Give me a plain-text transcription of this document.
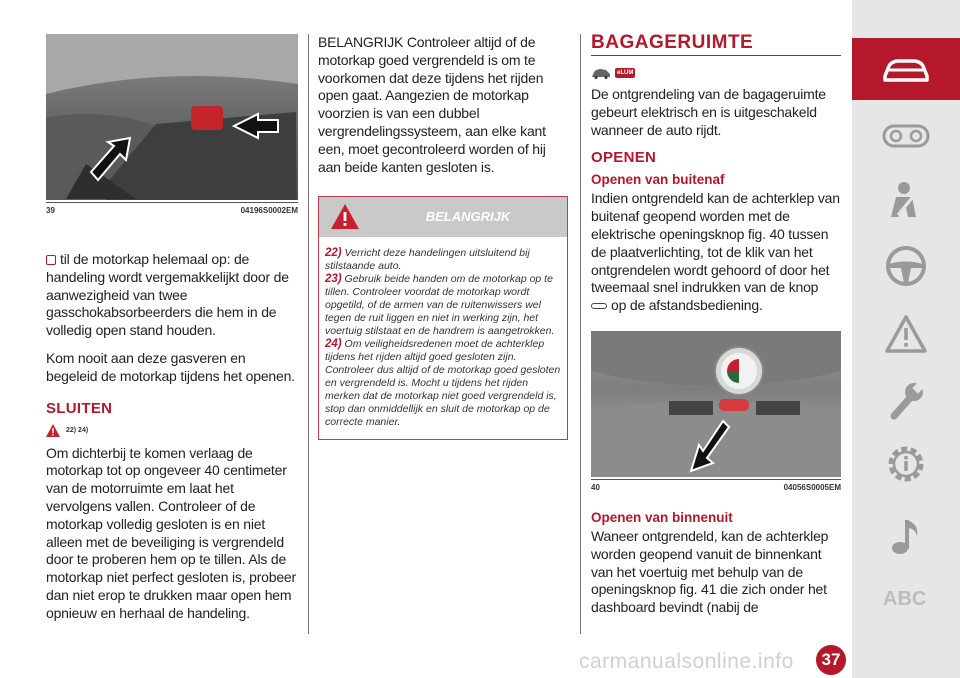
39	04196S0002EM

til de motorkap helemaal op: de handeling wordt vergemakkelijkt door de aanwezigheid van twee gasschokabsorbeerders die hem in de volledig open stand houden.

Kom nooit aan deze gasveren en begeleid de motorkap tijdens het openen.

SLUITEN
22) 24)

Om dichterbij te komen verlaag de motorkap tot op ongeveer 40 centimeter van de motorruimte em laat het vervolgens vallen. Controleer of de motorkap volledig gesloten is en niet alleen met de beveiliging is vergrendeld door te proberen hem op te tillen. Als de motorkap niet perfect gesloten is, probeer dan niet erop te drukken maar open hem opnieuw en herhaal de handeling.

BELANGRIJK Controleer altijd of de motorkap goed vergrendeld is om te voorkomen dat deze tijdens het rijden open gaat. Aangezien de motorkap voorzien is van een dubbel vergrendelingssysteem, aan elke kant een, moet gecontroleerd worden of hij aan beide kanten gesloten is.

BELANGRIJK

22) Verricht deze handelingen uitsluitend bij stilstaande auto.

23) Gebruik beide handen om de motorkap op te tillen. Controleer voordat de motorkap wordt opgetild, of de armen van de ruitenwissers wel tegen de ruit liggen en niet in werking zijn, het voertuig stilstaat en de handrem is aangetrokken.

24) Om veiligheidsredenen moet de achterklep tijdens het rijden altijd goed gesloten zijn. Controleer dus altijd of de motorkap goed gesloten en vergrendeld is. Mocht u tijdens het rijden merken dat de motorkap niet goed vergrendeld is, stop dan onmiddellijk en sluit de motorkap op de correcte manier.

BAGAGERUIMTE
eLUM

De ontgrendeling van de bagageruimte gebeurt elektrisch en is uitgeschakeld wanneer de auto rijdt.

OPENEN
Openen van buitenaf

Indien ontgrendeld kan de achterklep van buitenaf geopend worden met de elektrische openingsknop fig. 40 tussen de plaatverlichting, tot de klik van het ontgrendelen wordt gehoord of door het tweemaal snel indrukken van de knop
op de afstandsbediening.

40	04056S0005EM
Openen van binnenuit

Waneer ontgrendeld, kan de achterklep worden geopend vanuit de binnenkant van het voertuig met behulp van de openingsknop fig. 41 die zich onder het dashboard bevindt (nabij de	ABC
carmanualsonline.info	37
